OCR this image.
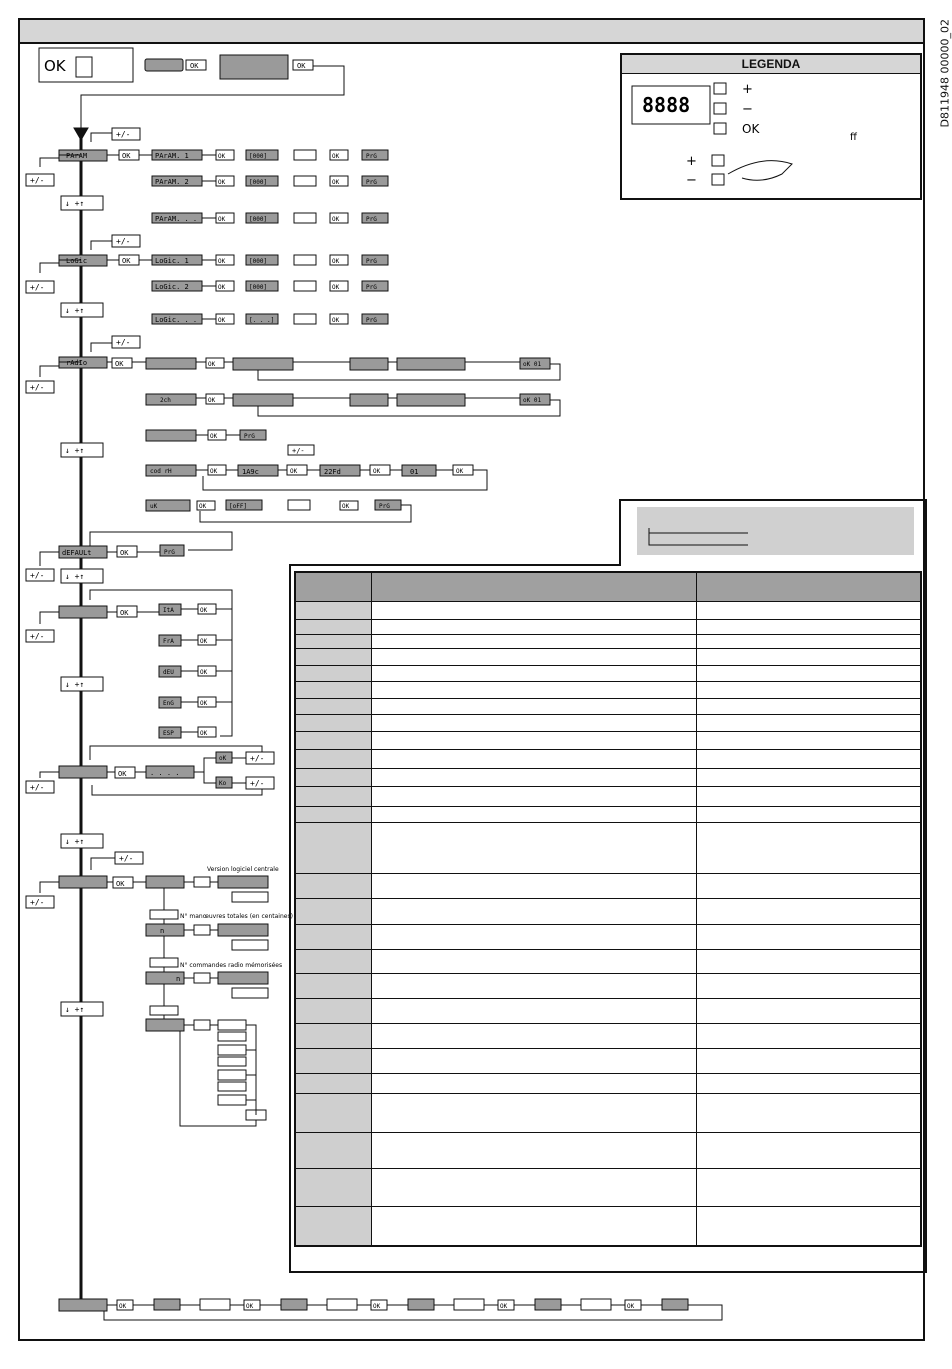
D811948 00000_02
OK	OK	OK
+/-
PArAM	OK	PArAM. 1
PArAM. 2
PArAM. . .
+/-
↓ +↑
OK	[000]	OK	PrG
OK	[000]	OK	PrG
OK	[000]	OK	PrG
+/-
LoGic	OK	LoGic. 1
LoGic. 2
LoGic. . .
+/-
↓ +↑
OK	[000]	OK	PrG
OK	[000]	OK	PrG
OK	[. . .]	OK	PrG
+/-
rAdIo	OK
+/-
↓ +↑
OK	oK 01
2ch	OK	oK 01
OK	PrG
cod rH	OK	1A9c	OK	22Fd	OK	01	OK
+/-
uK	OK	[oFF]	OK	PrG
dEFAULt	OK	PrG
+/-	↓ +↑
OK
+/-
↓ +↑
ItA	OK
FrA	OK
dEU	OK
EnG	OK
ESP	OK
OK	. . . .
oK	+/-
Ko	+/-
+/-
↓ +↑
+/-
OK
+/-
↓ +↑
Version logiciel centrale
N° manœuvres totales (en centaines)
N° commandes radio mémorisées
n
n
OK	OK	OK	OK	OK
LEGENDA
8888
+
−
OK
ff
+
−
